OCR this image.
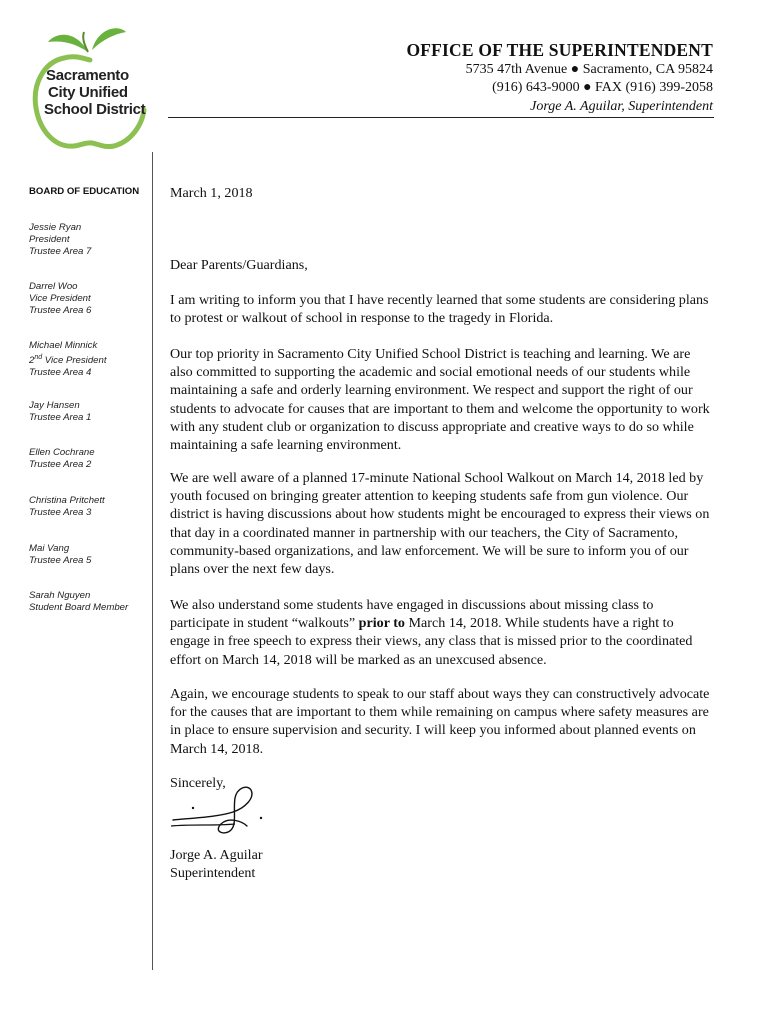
Sacramento
City Unified
School District
OFFICE OF THE SUPERINTENDENT
5735 47th Avenue ● Sacramento, CA 95824
(916) 643-9000 ● FAX (916) 399-2058
Jorge A. Aguilar, Superintendent
BOARD OF EDUCATION
Jessie Ryan
President
Trustee Area 7
Darrel Woo
Vice President
Trustee Area 6
Michael Minnick
2nd Vice President
Trustee Area 4
Jay Hansen
Trustee Area 1
Ellen Cochrane
Trustee Area 2
Christina Pritchett
Trustee Area 3
Mai Vang
Trustee Area 5
Sarah Nguyen
Student Board Member

March 1, 2018

Dear Parents/Guardians,

I am writing to inform you that I have recently learned that some students are considering plans to protest or walkout of school in response to the tragedy in Florida.

Our top priority in Sacramento City Unified School District is teaching and learning. We are also committed to supporting the academic and social emotional needs of our students while maintaining a safe and orderly learning environment. We respect and support the right of our students to advocate for causes that are important to them and welcome the opportunity to work with any student club or organization to discuss appropriate and creative ways to do so while maintaining a safe learning environment.

We are well aware of a planned 17-minute National School Walkout on March 14, 2018 led by youth focused on bringing greater attention to keeping students safe from gun violence. Our district is having discussions about how students might be encouraged to express their views on that day in a coordinated manner in partnership with our teachers, the City of Sacramento, community-based organizations, and law enforcement. We will be sure to inform you of our plans over the next few days.

We also understand some students have engaged in discussions about missing class to participate in student “walkouts” prior to March 14, 2018. While students have a right to engage in free speech to express their views, any class that is missed prior to the coordinated effort on March 14, 2018 will be marked as an unexcused absence.

Again, we encourage students to speak to our staff about ways they can constructively advocate for the causes that are important to them while remaining on campus where safety measures are in place to ensure supervision and security. I will keep you informed about planned events on March 14, 2018.

Sincerely,

Jorge A. Aguilar

Superintendent
